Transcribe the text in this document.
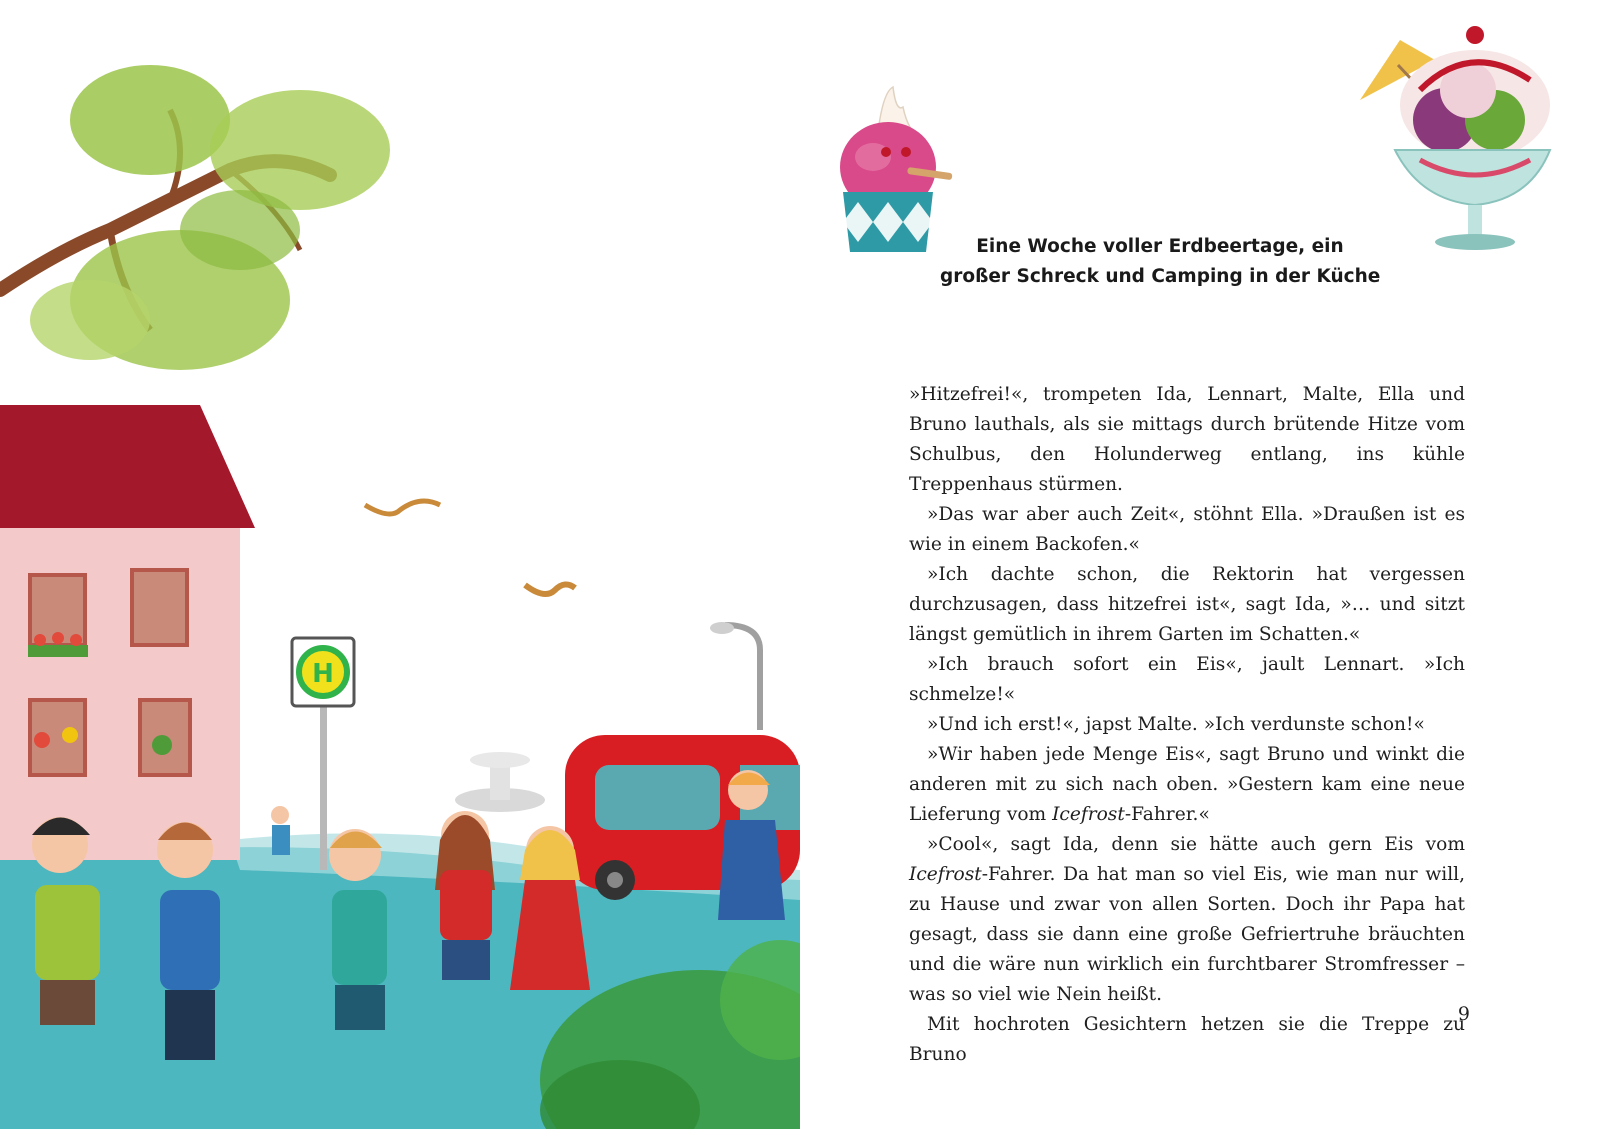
H
Eine Woche voller Erdbeertage, ein
großer Schreck und Camping in der Küche

»Hitzefrei!«, trompeten Ida, Lennart, Malte, Ella und Bruno lauthals, als sie mittags durch brütende Hitze vom Schulbus, den Holunderweg entlang, ins kühle Treppenhaus stürmen.

»Das war aber auch Zeit«, stöhnt Ella. »Draußen ist es wie in einem Backofen.«

»Ich dachte schon, die Rektorin hat vergessen durchzusagen, dass hitzefrei ist«, sagt Ida, »… und sitzt längst gemütlich in ihrem Garten im Schatten.«

»Ich brauch sofort ein Eis«, jault Lennart. »Ich schmelze!«

»Und ich erst!«, japst Malte. »Ich verdunste schon!«

»Wir haben jede Menge Eis«, sagt Bruno und winkt die anderen mit zu sich nach oben. »Gestern kam eine neue Lieferung vom Icefrost-Fahrer.«

»Cool«, sagt Ida, denn sie hätte auch gern Eis vom Icefrost-Fahrer. Da hat man so viel Eis, wie man nur will, zu Hause und zwar von allen Sorten. Doch ihr Papa hat gesagt, dass sie dann eine große Gefriertruhe bräuchten und die wäre nun wirklich ein furchtbarer Stromfresser – was so viel wie Nein heißt.

Mit hochroten Gesichtern hetzen sie die Treppe zu Bruno

9
